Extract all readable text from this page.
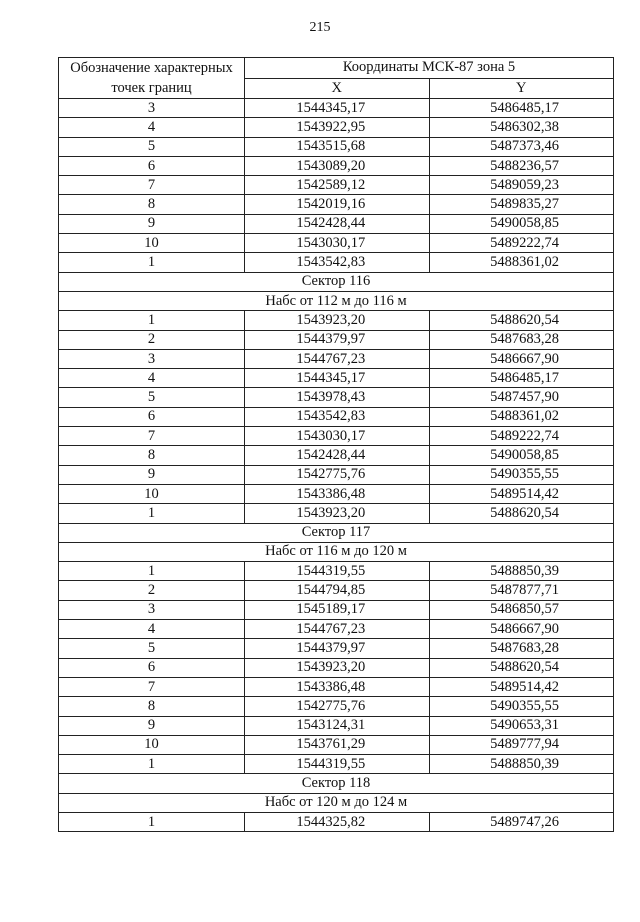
215
Обозначение характерных
точек границ	Координаты МСК-87 зона 5	
	X	Y
3	1544345,17	5486485,17
4	1543922,95	5486302,38
5	1543515,68	5487373,46
6	1543089,20	5488236,57
7	1542589,12	5489059,23
8	1542019,16	5489835,27
9	1542428,44	5490058,85
10	1543030,17	5489222,74
1	1543542,83	5488361,02
Сектор 116		
Набс от 112 м до 116 м		
1	1543923,20	5488620,54
2	1544379,97	5487683,28
3	1544767,23	5486667,90
4	1544345,17	5486485,17
5	1543978,43	5487457,90
6	1543542,83	5488361,02
7	1543030,17	5489222,74
8	1542428,44	5490058,85
9	1542775,76	5490355,55
10	1543386,48	5489514,42
1	1543923,20	5488620,54
Сектор 117		
Набс от 116 м до 120 м		
1	1544319,55	5488850,39
2	1544794,85	5487877,71
3	1545189,17	5486850,57
4	1544767,23	5486667,90
5	1544379,97	5487683,28
6	1543923,20	5488620,54
7	1543386,48	5489514,42
8	1542775,76	5490355,55
9	1543124,31	5490653,31
10	1543761,29	5489777,94
1	1544319,55	5488850,39
Сектор 118		
Набс от 120 м до 124 м		
1	1544325,82	5489747,26
